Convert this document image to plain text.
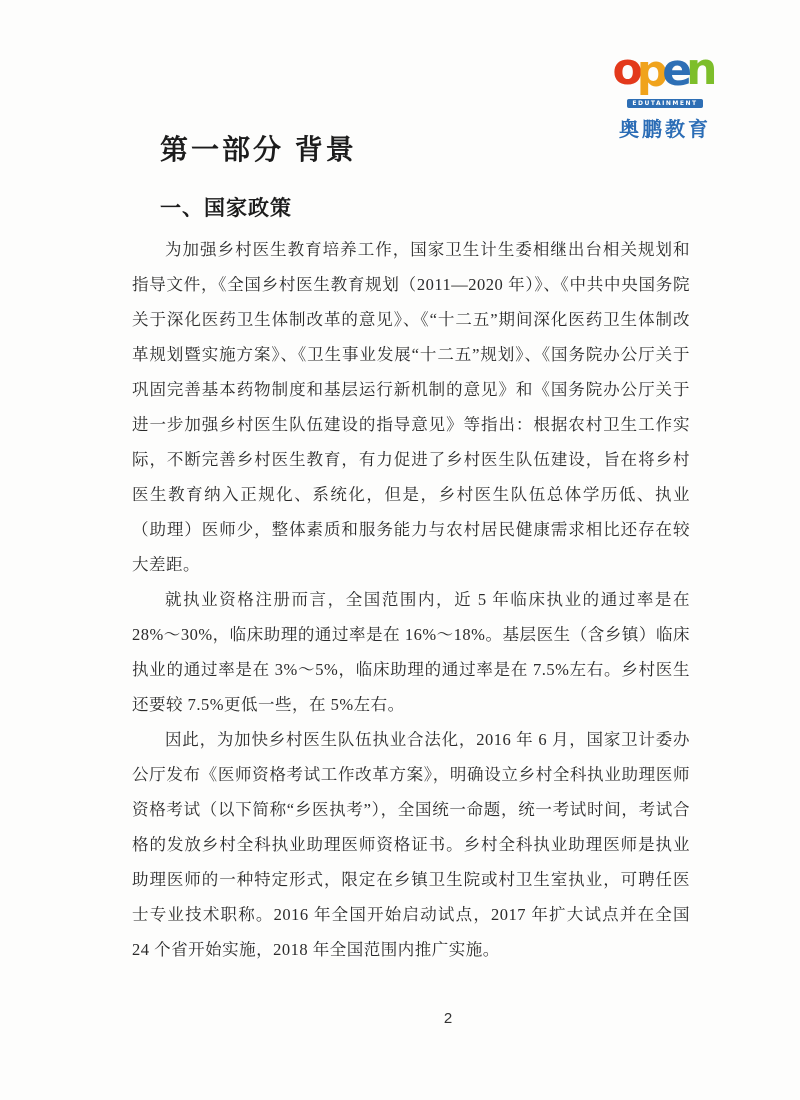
open
EDUTAINMENT
奥鹏教育
第一部分 背景
一、国家政策

为加强乡村医生教育培养工作，国家卫生计生委相继出台相关规划和指导文件，《全国乡村医生教育规划（2011—2020 年）》、《中共中央国务院关于深化医药卫生体制改革的意见》、《“十二五”期间深化医药卫生体制改革规划暨实施方案》、《卫生事业发展“十二五”规划》、《国务院办公厅关于巩固完善基本药物制度和基层运行新机制的意见》和《国务院办公厅关于进一步加强乡村医生队伍建设的指导意见》等指出：根据农村卫生工作实际，不断完善乡村医生教育，有力促进了乡村医生队伍建设，旨在将乡村医生教育纳入正规化、系统化，但是，乡村医生队伍总体学历低、执业（助理）医师少，整体素质和服务能力与农村居民健康需求相比还存在较大差距。

就执业资格注册而言，全国范围内，近 5 年临床执业的通过率是在 28%～30%，临床助理的通过率是在 16%～18%。基层医生（含乡镇）临床执业的通过率是在 3%～5%，临床助理的通过率是在 7.5%左右。乡村医生还要较 7.5%更低一些，在 5%左右。

因此，为加快乡村医生队伍执业合法化，2016 年 6 月，国家卫计委办公厅发布《医师资格考试工作改革方案》，明确设立乡村全科执业助理医师资格考试（以下简称“乡医执考”），全国统一命题，统一考试时间，考试合格的发放乡村全科执业助理医师资格证书。乡村全科执业助理医师是执业助理医师的一种特定形式，限定在乡镇卫生院或村卫生室执业，可聘任医士专业技术职称。2016 年全国开始启动试点，2017 年扩大试点并在全国 24 个省开始实施，2018 年全国范围内推广实施。

2
